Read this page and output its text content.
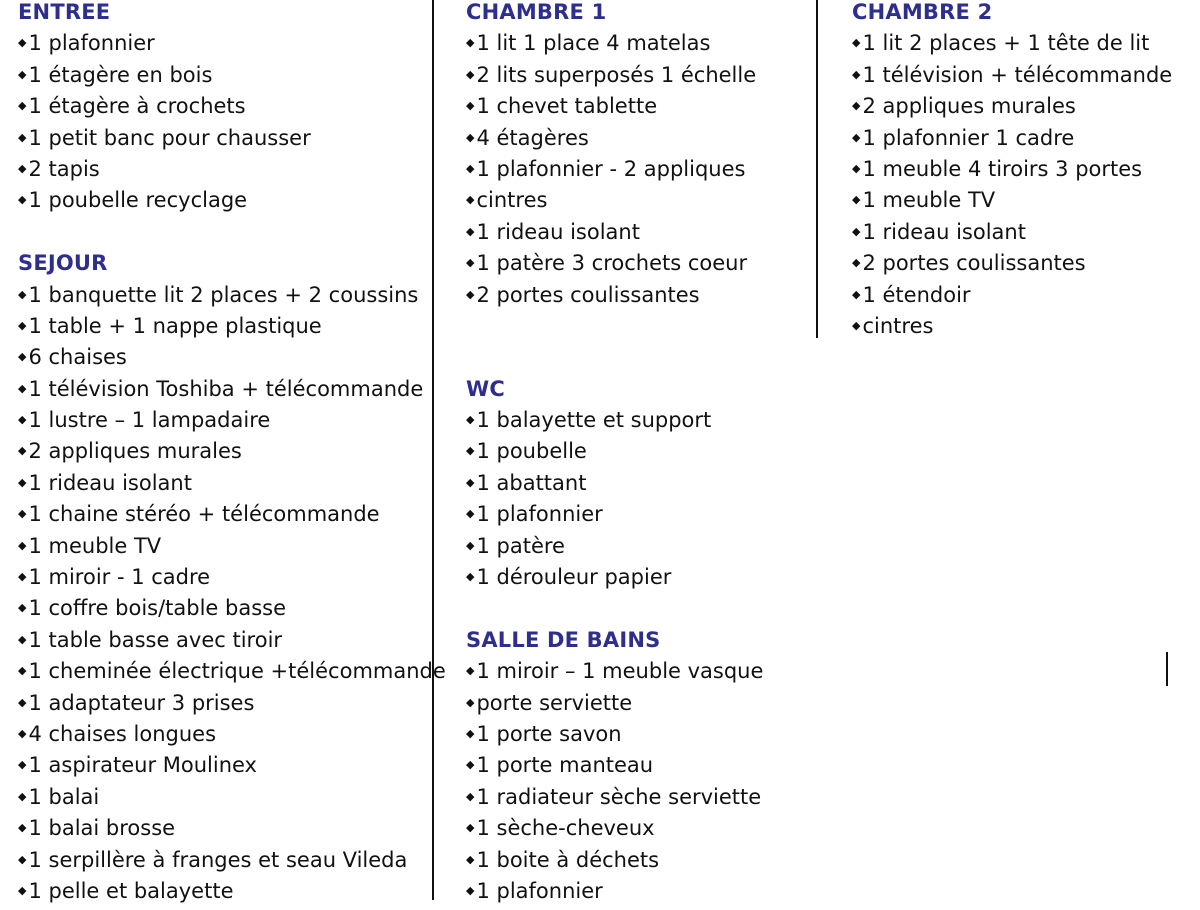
ENTREE
◆ 1 plafonnier
◆ 1 étagère en bois
◆ 1 étagère à crochets
◆ 1 petit banc pour chausser
◆ 2 tapis
◆ 1 poubelle recyclage
SEJOUR
◆ 1 banquette lit 2 places + 2 coussins
◆ 1 table + 1 nappe plastique
◆ 6 chaises
◆ 1 télévision Toshiba + télécommande
◆ 1 lustre – 1 lampadaire
◆ 2 appliques murales
◆ 1 rideau isolant
◆ 1 chaine stéréo + télécommande
◆ 1 meuble TV
◆ 1 miroir - 1 cadre
◆ 1 coffre bois/table basse
◆ 1 table basse avec tiroir
◆ 1 cheminée électrique +télécommande
◆ 1 adaptateur 3 prises
◆ 4 chaises longues
◆ 1 aspirateur Moulinex
◆ 1 balai
◆ 1 balai brosse
◆ 1 serpillère à franges et seau Vileda
◆ 1 pelle et balayette
CHAMBRE 1
◆ 1 lit 1 place 4 matelas
◆ 2 lits superposés 1 échelle
◆ 1 chevet tablette
◆ 4 étagères
◆ 1 plafonnier - 2 appliques
◆ cintres
◆ 1 rideau isolant
◆ 1 patère 3 crochets coeur
◆ 2 portes coulissantes
WC
◆ 1 balayette et support
◆ 1 poubelle
◆ 1 abattant
◆ 1 plafonnier
◆ 1 patère
◆ 1 dérouleur papier
SALLE DE BAINS
◆ 1 miroir – 1 meuble vasque
◆ porte serviette
◆ 1 porte savon
◆ 1 porte manteau
◆ 1 radiateur sèche serviette
◆ 1 sèche-cheveux
◆ 1 boite à déchets
◆ 1 plafonnier
CHAMBRE 2
◆ 1 lit 2 places + 1 tête de lit
◆ 1 télévision + télécommande
◆ 2 appliques murales
◆ 1 plafonnier 1 cadre
◆ 1 meuble 4 tiroirs 3 portes
◆ 1 meuble TV
◆ 1 rideau isolant
◆ 2 portes coulissantes
◆ 1 étendoir
◆ cintres
